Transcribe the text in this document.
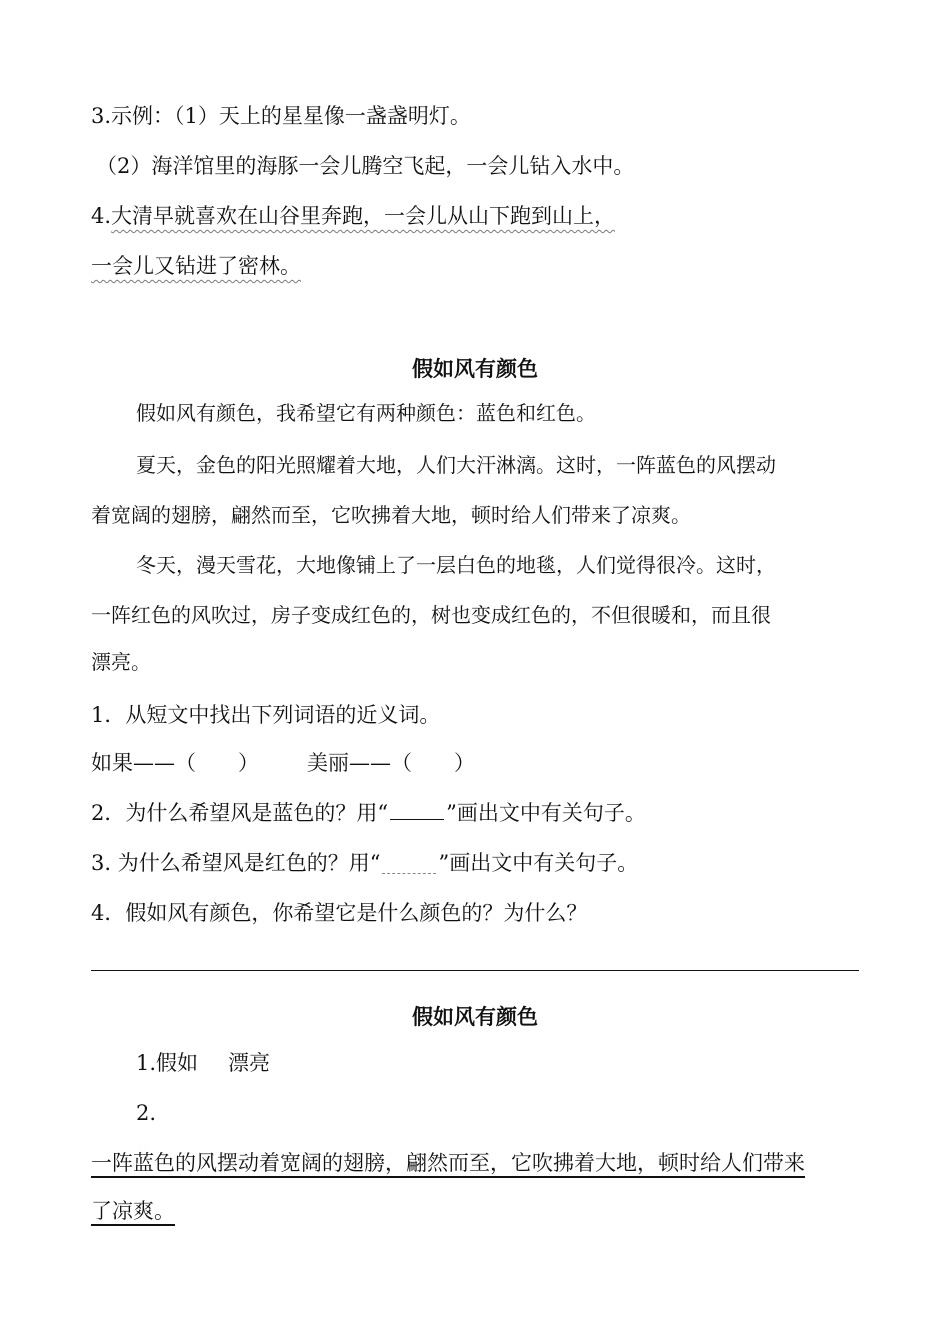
3.示例：（1）天上的星星像一盏盏明灯。
（2）海洋馆里的海豚一会儿腾空飞起，一会儿钻入水中。
4.大清早就喜欢在山谷里奔跑，一会儿从山下跑到山上，
一会儿又钻进了密林。
假如风有颜色
假如风有颜色，我希望它有两种颜色：蓝色和红色。
夏天，金色的阳光照耀着大地，人们大汗淋漓。这时，一阵蓝色的风摆动
着宽阔的翅膀，翩然而至，它吹拂着大地，顿时给人们带来了凉爽。
冬天，漫天雪花，大地像铺上了一层白色的地毯，人们觉得很冷。这时，
一阵红色的风吹过，房子变成红色的，树也变成红色的，不但很暖和，而且很
漂亮。
1．从短文中找出下列词语的近义词。
如果——（　　） 美丽——（　　）
2．为什么希望风是蓝色的？用“	”画出文中有关句子。
3. 为什么希望风是红色的？用“	”画出文中有关句子。
4．假如风有颜色，你希望它是什么颜色的？为什么？
假如风有颜色
1.假如 漂亮
2.
一阵蓝色的风摆动着宽阔的翅膀，翩然而至，它吹拂着大地，顿时给人们带来
了凉爽。
